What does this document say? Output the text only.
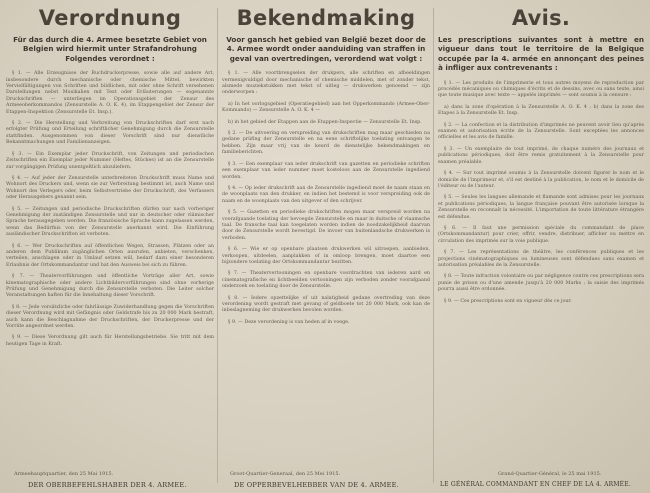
Verordnung
Für das durch die 4. Armee besetzte Gebiet von Belgien wird hiermit unter Strafandrohung Folgendes verordnet :
§ 1. — Alle Erzeugnisse der Buchdruckerpresse, sowie alle auf andere Art, insbesondere durch mechanische oder chemische Mittel, bewirkten Vervielfältigungen von Schriften und bildlichen, mit oder ohne Schrift versehenen Darstellungen nebst Musikalien mit Text oder Erläuterungen — sogenannte Druckschriften — unterliegen im Operationsgebiet der Zensur des Armeeoberkommandos (Zensurstelle A. O. K. 4), im Etappengebiet der Zensur der Etappen-Inspektion (Zensurstelle Et. Insp.).
§ 2. — Die Herstellung und Verbreitung von Druckschriften darf erst nach erfolgter Prüfung und Erteilung schriftlicher Genehmigung durch die Zensurstelle stattfinden. Ausgenommen von dieser Vorschrift sind nur dienstliche Bekanntmachungen und Familienanzeigen.
§ 3. — Ein Exemplar jeder Druckschrift, von Zeitungen und periodischen Zeitschriften ein Exemplar jeder Nummer (Heftes, Stückes) ist an die Zensurstelle zur vorgängigen Prüfung unentgeltlich abzuliefern.
§ 4. — Auf jeder der Zensurstelle unterbreiteten Druckschrift muss Name und Wohnort des Druckers und, wenn sie zur Verbreitung bestimmt ist, auch Name und Wohnort des Verlegers oder, beim Selbstvertriebe der Druckschrift, des Verfassers oder Herausgebers genannt sein.
§ 5. — Zeitungen und periodische Druckschriften dürfen nur nach vorheriger Genehmigung der zuständigen Zensurstelle und nur in deutscher oder vlämischer Sprache herausgegeben werden. Die französische Sprache kann zugelassen werden, wenn das Bedürfnis von der Zensurstelle anerkannt wird. Die Einführung ausländischer Druckschriften ist verboten.
§ 6. — Wer Druckschriften auf öffentlichen Wegen, Strassen, Plätzen oder an anderen dem Publikum zugänglichen Orten ausrufen, anbieten, verschenken, verteilen, anschlagen oder in Umlauf setzen will, bedarf dazu einer besonderen Erlaubnis der Ortskommandantur und hat den Ausweis bei sich zu führen.
§ 7. — Theatervorführungen und öffentliche Vorträge aller Art, sowie kinematographische oder andere Lichtbildervorführungen sind ohne vorherige Prüfung und Genehmigung durch die Zensurstelle verboten. Die Leiter solcher Veranstaltungen haften für die Innehaltung dieser Vorschrift.
§ 8. — Jede vorsätzliche oder fahrlässige Zuwiderhandlung gegen die Vorschriften dieser Verordnung wird mit Gefängnis oder Geldstrafe bis zu 20 000 Mark bestraft, auch kann die Beschlagnahme der Druckschriften, der Druckerpresse und der Vorräte angeordnet werden.
§ 9. — Diese Verordnung gilt auch für Herstellungsbetriebe. Sie tritt mit dem heutigen Tage in Kraft.
Bekendmaking
Voor gansch het gebied van België bezet door de 4. Armee wordt onder aanduiding van straffen in geval van overtredingen, verordend wat volgt :
§ 1. — Alle voortbrengselen der drukpers, alle schriften en afbeeldingen vermenigvuldigd door mechanische of chemische middelen, met of zonder tekst, alsmede muziekstukken met tekst of uitleg — drukwerken genoemd — zijn onderworpen :
a) In het oorlogsgebied (Operatiegebied) aan het Opperkommando (Armee-Ober-Kommando) — Zensurstelle A. O. K. 4 —
b) in het gebied der Etappen aan de Etappen-Inspectie — Zensurstelle Et. Insp.
§ 2. — De uitvoering en verspreiding van drukschriften mag maar geschieden na gedane prüfing der Zensurstelle en na eene schriftelijke toelating ontvangen te hebben. Zijn maar vrij van de keurd de dienstelijke bekendmakingen en familieberichten.
§ 3. — Een exemplaar van ieder drukschrift van gazetten en periodieke schriften een exemplaar van ieder nummer moet kosteloos aan de Zensurstelle ingediend worden.
§ 4. — Op ieder drukschrift aan de Zensurstelle ingediend moet de naam staan en de woonplaats van den drukker, en indien het bestemd is voor verspreiding ook de naam en de woonplaats van den uitgever of den schrijver.
§ 5. — Gazetten en periodieke drukschriften mogen maar verspreid worden na voorafgaande toelating der bevoegde Zensurstelle en maar in duitsche of vlaamsche taal. De fransche taal kan toegelaten worden indien de noodzakelijkheid daarvan door de Zensurstelle wordt bevestigd. De invoer van buitenlandsche drukwerken is verboden.
§ 6. — Wie er op openbare plaatsen drukwerken wil uitroepen, aanbieden, verkoopen, uitdeelen, aanplakken of in omloop brengen, moet daartoe een bijzondere toelating der Ortskommandantur bezitten.
§ 7. — Theatervertooningen en openbare voordrachten van iederen aard en cinematografische en lichtbeelden vertooningen zijn verboden zonder voorafgaand onderzoek en toelating door de Zensurstelle.
§ 8. — Iedere opzettelijke of uit nalatigheid gedane overtreding van deze verordening wordt gestraft met gevang of geldboete tot 20 000 Mark, ook kan de inbeslagneming der drukwerken bevolen worden.
§ 9. — Deze verordening is van heden af in voege.
Avis.
Les prescriptions suivantes sont à mettre en vigueur dans tout le territoire de la Belgique occupée par la 4. armée en annonçant des peines à infliger aux contrevenants :
§ 1. — Les produits de l'imprimerie et tous autres moyens de reproduction par procédés mécaniques ou chimiques d'écrits et de dessins, avec ou sans texte, ainsi que toute musique avec texte — appelés imprimés — sont soumis à la censure :
a) dans la zone d'opération à la Zensurstelle A. O. K. 4 ; b) dans la zone des Etapes à la Zensurstelle Et. Insp.
§ 2. — La confection et la distribution d'imprimés ne peuvent avoir lieu qu'après examen et autorisation écrite de la Zensurstelle. Sont exceptées les annonces officielles et les avis de famille.
§ 3. — Un exemplaire de tout imprimé, de chaque numéro des journaux et publications périodiques, doit être remis gratuitement à la Zensurstelle pour examen préalable.
§ 4. — Sur tout imprimé soumis à la Zensurstelle doivent figurer le nom et le domicile de l'imprimeur et, s'il est destiné à la publication, le nom et le domicile de l'éditeur ou de l'auteur.
§ 5. — Seules les langues allemande et flamande sont admises pour les journaux et publications périodiques, la langue française pouvant être autorisée lorsque la Zensurstelle en reconnaît la nécessité. L'importation de toute littérature étrangère est défendue.
§ 6. — Il faut une permission spéciale du commandant de place (Ortskommandantur) pour crier, offrir, vendre, distribuer, afficher ou mettre en circulation des imprimés sur la voie publique.
§ 7. — Les représentations de théâtre, les conférences publiques et les projections cinématographiques ou lumineuses sont défendues sans examen et autorisation préalables de la Zensurstelle.
§ 8. — Toute infraction volontaire ou par négligence contre ces prescriptions sera punie de prison ou d'une amende jusqu'à 20 000 Marks ; la saisie des imprimés pourra aussi être ordonnée.
§ 9. — Ces prescriptions sont en vigueur dès ce jour.
Armeehauptquartier, den 25 Mai 1915.
DER OBERBEFEHLSHABER DER 4. ARMEE.
Groot-Quartier-Generaal, den 25 Mei 1915.
DE OPPERBEVELHEBBER VAN DE 4. ARMEE.
Grand-Quartier-Général, le 25 mai 1915.
LE GÉNÉRAL COMMANDANT EN CHEF DE LA 4. ARMÉE.
